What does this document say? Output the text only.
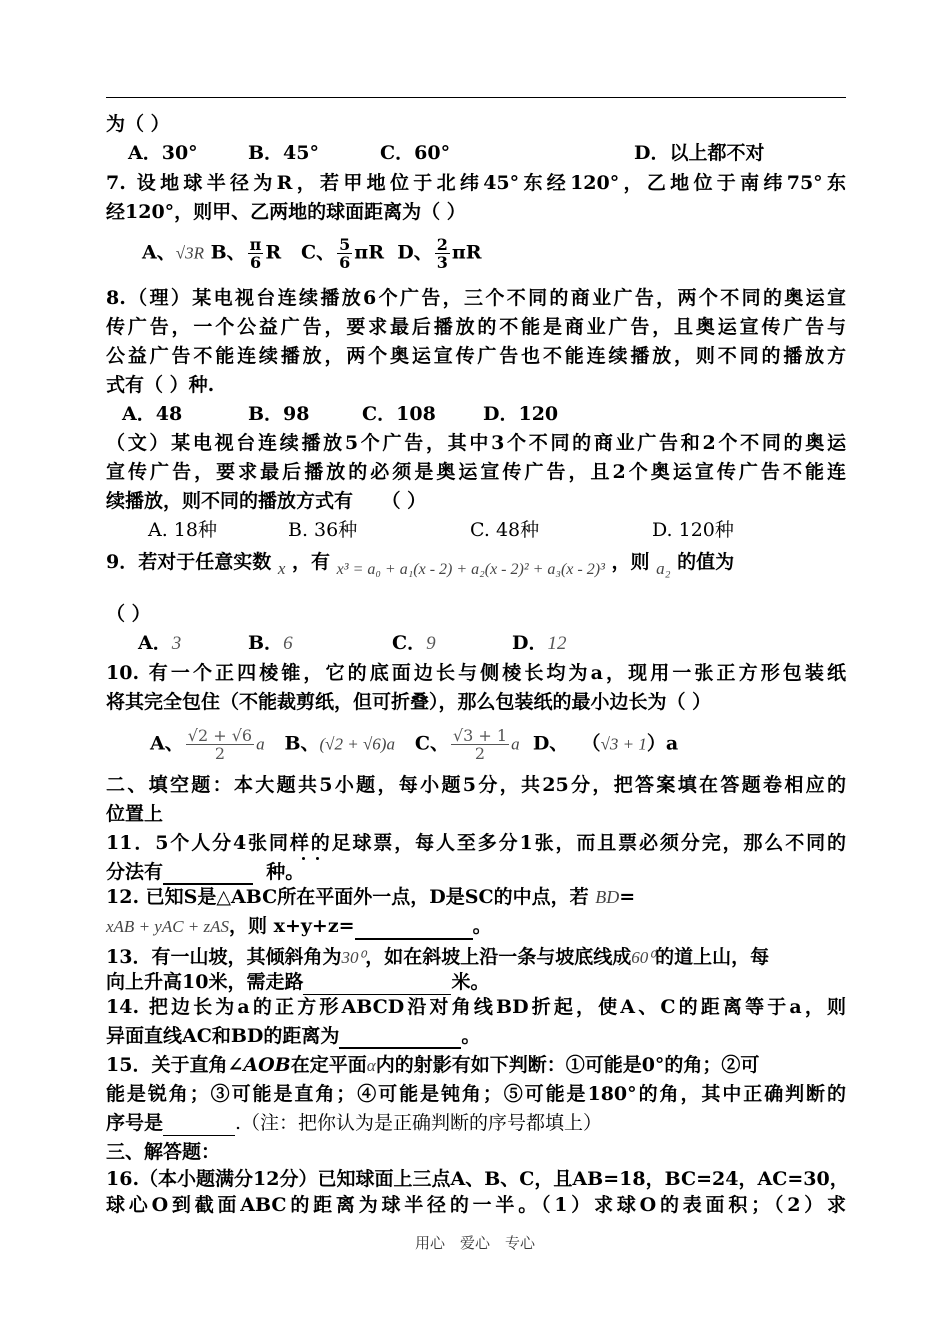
为（ ）
A．30°	B．45°	C．60°	D．以上都不对
7. 设地球半径为R，若甲地位于北纬45°东经120°，乙地位于南纬75°东
经120°，则甲、乙两地的球面距离为（ ）
A、√3R B、 $\frac{\pi}{6}$ R C、 $\frac{5}{6}$ πR D、 $\frac{2}{3}$ πR
8.（理）某电视台连续播放6个广告，三个不同的商业广告，两个不同的奥运宣
传广告，一个公益广告，要求最后播放的不能是商业广告，且奥运宣传广告与
公益广告不能连续播放，两个奥运宣传广告也不能连续播放，则不同的播放方
式有（ ）种.
A．48	B．98	C．108 D．120
（文）某电视台连续播放5个广告，其中3个不同的商业广告和2个不同的奥运
宣传广告，要求最后播放的必须是奥运宣传广告，且2个奥运宣传广告不能连
续播放，则不同的播放方式有　　（ ）
A. 18种	B. 36种	C. 48种	D. 120种
9．若对于任意实数 x ，有 $_{x^3 = a_0 + a_1(x - 2) + a_2(x - 2)^2 + a_3(x - 2)^3}$ ，则 a₂ 的值为
（ ）
A．3	B．6	C．9	D．12
10. 有一个正四棱锥，它的底面边长与侧棱长均为a，现用一张正方形包装纸
将其完全包住（不能裁剪纸，但可折叠），那么包装纸的最小边长为（ ）
A、 $\frac{√2 + √6}{2}$ a B、(√2 + √6)a C、 $\frac{√3 + 1}{2}$ a D、 （√3 + 1）a
二、填空题：本大题共5小题，每小题5分，共25分，把答案填在答题卷相应的
位置上
11．5个人分4张同样的足球票，每人至多分1张，而且票必须分完，那么不同的
分法有	种。
12. 已知S是△ABC所在平面外一点，D是SC的中点，若 BD=
xAB + yAC + zAS，则 x+y+z=	。
13．有一山坡，其倾斜角为30⁰，如在斜坡上沿一条与坡底线成60⁰的道上山，每
向上升高10米，需走路	米。
14. 把边长为a的正方形ABCD沿对角线BD折起，使A、C的距离等于a，则
异面直线AC和BD的距离为	。
15．关于直角∠AOB在定平面α内的射影有如下判断：①可能是0°的角；②可
能是锐角；③可能是直角；④可能是钝角；⑤可能是180°的角，其中正确判断的
序号是	.（注：把你认为是正确判断的序号都填上）
三、解答题：
16.（本小题满分12分）已知球面上三点A、B、C，且AB=18，BC=24，AC=30，
球心O到截面ABC的距离为球半径的一半。（1）求球O的表面积；（2）求
用心　爱心　专心
